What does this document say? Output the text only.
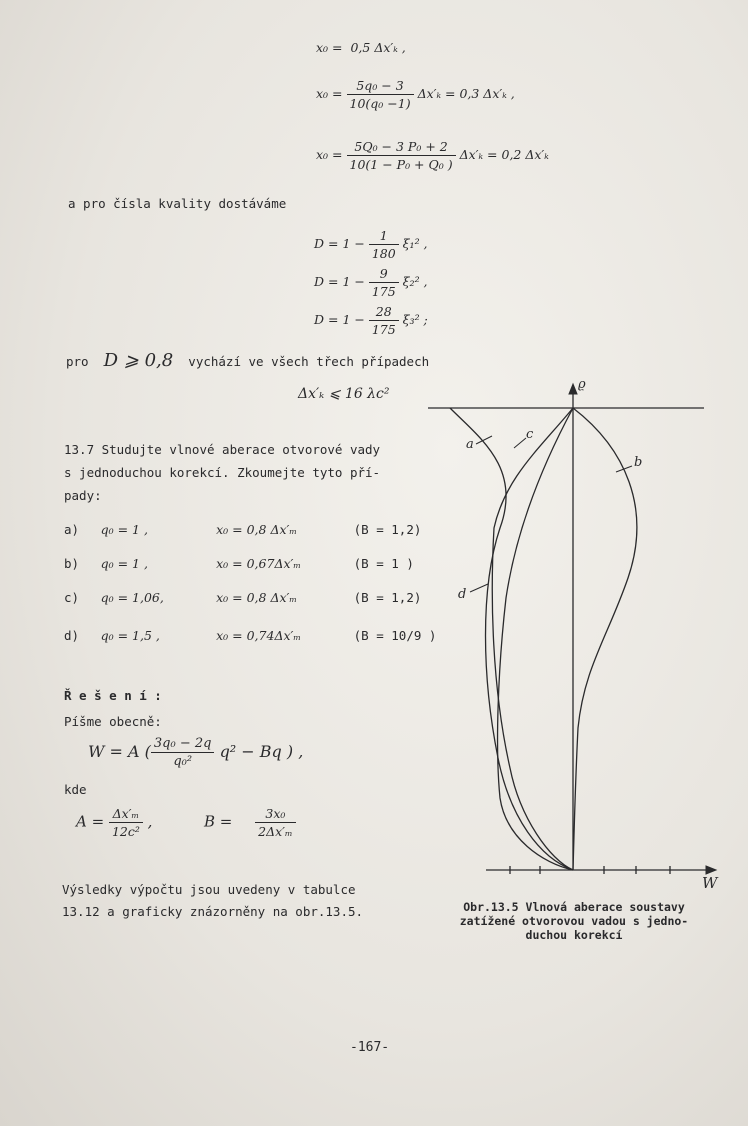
x₀ = 0,5 Δx′ₖ ,
$x_0 = \frac{\text{5q₀ − 3}}{\text{10(q₀ −1)}} \Delta x'_k = 0,3$ Δx′ₖ ,
$x_0 = \frac{\text{5Q₀ − 3 P₀ + 2}}{\text{10(1 − P₀ + Q₀ )}} \Delta x'_k = 0,2$ Δx′ₖ
a pro čísla kvality dostáváme
$D = 1 - \frac{1}{180} \xi_1^2$ ,
$D = 1 - \frac{9}{175} \xi_2^2$ ,
$D = 1 - \frac{28}{175} \xi_3^2$ ;
pro D ⩾ 0,8 vychází ve všech třech případech
Δx′ₖ ⩽ 16 λc²
13.7 Studujte vlnové aberace otvorové vady
s jednoduchou korekcí. Zkoumejte tyto pří-
pady:
a) q₀ = 1 ,	x₀ = 0,8 Δx′ₘ	(B = 1,2)
b) q₀ = 1 ,	x₀ = 0,67Δx′ₘ	(B = 1 )
c) q₀ = 1,06,	x₀ = 0,8 Δx′ₘ	(B = 1,2)
d) q₀ = 1,5 ,	x₀ = 0,74Δx′ₘ	(B = 10/9 )
Ř e š e n í :
Píšme obecně:
W = A ( $\frac{\text{3q₀ − 2q}}{\text{q₀²}} q^2 - Bq$ ) ,
kde
$A = \frac{\text{Δx′ₘ}}{\text{12c²}}$ ,	$B = \frac{\text{3x₀}}{\text{2Δx′ₘ}}$
Výsledky výpočtu jsou uvedeny v tabulce
13.12 a graficky znázorněny na obr.13.5.
ϱ
W
a
b
c
d
Obr.13.5 Vlnová aberace soustavy
zatížené otvorovou vadou s jedno-
duchou korekcí
-167-
